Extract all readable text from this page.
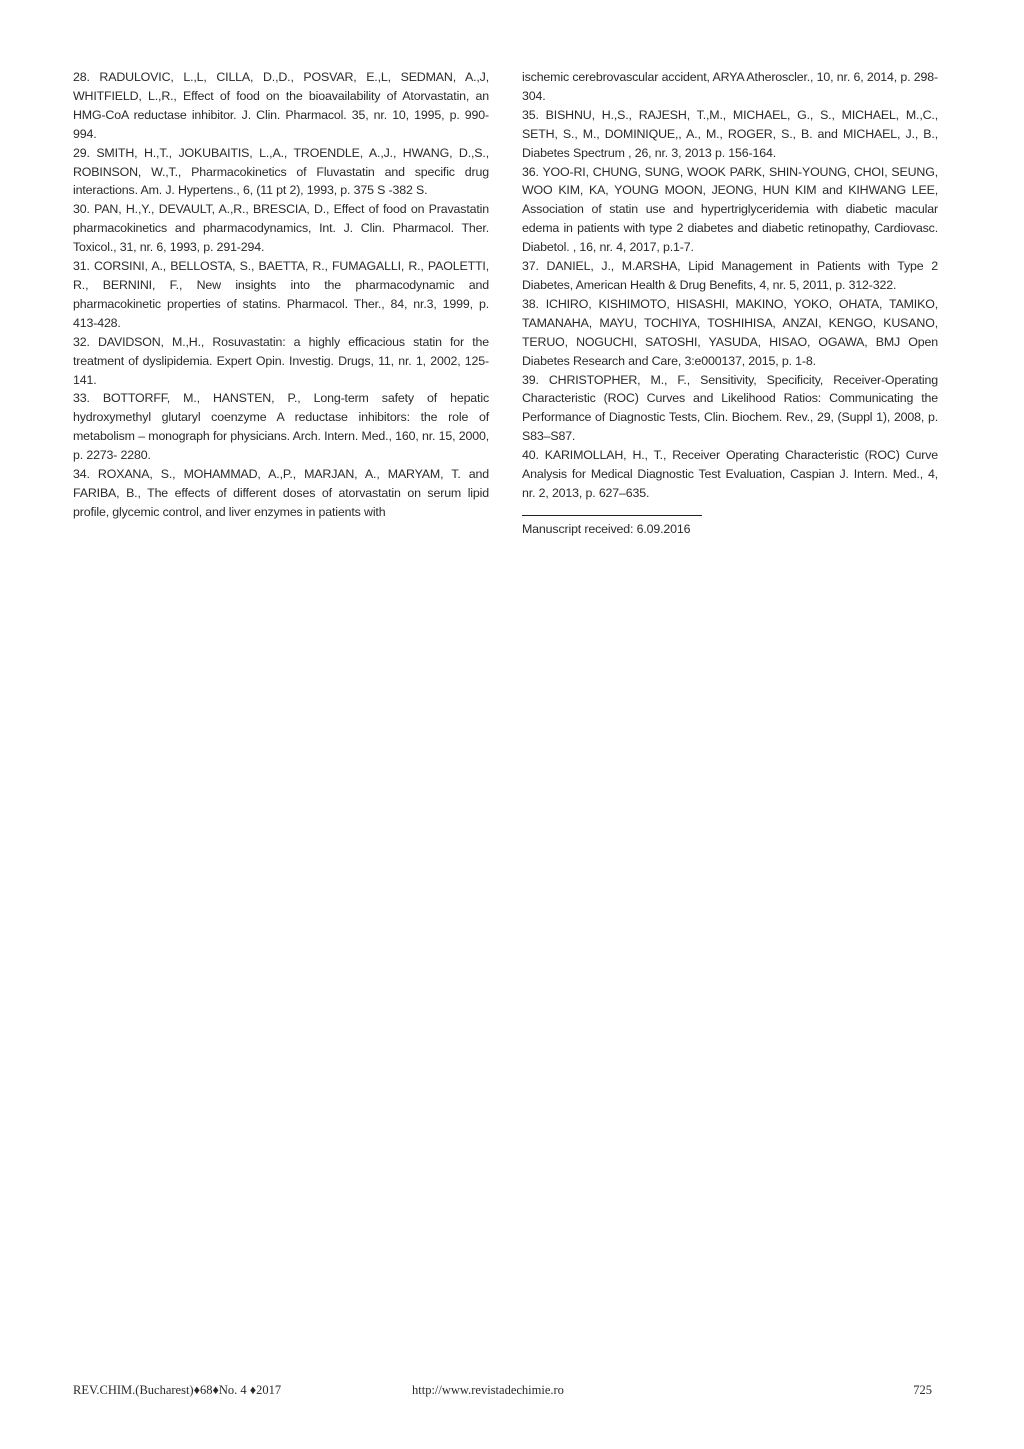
28. RADULOVIC, L.,L, CILLA, D.,D., POSVAR, E.,L, SEDMAN, A.,J, WHITFIELD, L.,R., Effect of food on the bioavailability of Atorvastatin, an HMG-CoA reductase inhibitor. J. Clin. Pharmacol. 35, nr. 10, 1995, p. 990-994.

29. SMITH, H.,T., JOKUBAITIS, L.,A., TROENDLE, A.,J., HWANG, D.,S., ROBINSON, W.,T., Pharmacokinetics of Fluvastatin and specific drug interactions. Am. J. Hypertens., 6, (11 pt 2), 1993, p. 375 S -382 S.

30. PAN, H.,Y., DEVAULT, A.,R., BRESCIA, D., Effect of food on Pravastatin pharmacokinetics and pharmacodynamics, Int. J. Clin. Pharmacol. Ther. Toxicol., 31, nr. 6, 1993, p. 291-294.

31. CORSINI, A., BELLOSTA, S., BAETTA, R., FUMAGALLI, R., PAOLETTI, R., BERNINI, F., New insights into the pharmacodynamic and pharmacokinetic properties of statins. Pharmacol. Ther., 84, nr.3, 1999, p. 413-428.

32. DAVIDSON, M.,H., Rosuvastatin: a highly efficacious statin for the treatment of dyslipidemia. Expert Opin. Investig. Drugs, 11, nr. 1, 2002, 125-141.

33. BOTTORFF, M., HANSTEN, P., Long-term safety of hepatic hydroxymethyl glutaryl coenzyme A reductase inhibitors: the role of metabolism – monograph for physicians. Arch. Intern. Med., 160, nr. 15, 2000, p. 2273- 2280.

34. ROXANA, S., MOHAMMAD, A.,P., MARJAN, A., MARYAM, T. and FARIBA, B., The effects of different doses of atorvastatin on serum lipid profile, glycemic control, and liver enzymes in patients with

ischemic cerebrovascular accident, ARYA Atheroscler., 10, nr. 6, 2014, p. 298-304.

35. BISHNU, H.,S., RAJESH, T.,M., MICHAEL, G., S., MICHAEL, M.,C., SETH, S., M., DOMINIQUE,, A., M., ROGER, S., B. and MICHAEL, J., B., Diabetes Spectrum , 26, nr. 3, 2013 p. 156-164.

36. YOO-RI, CHUNG, SUNG, WOOK PARK, SHIN-YOUNG, CHOI, SEUNG, WOO KIM, KA, YOUNG MOON, JEONG, HUN KIM and KIHWANG LEE, Association of statin use and hypertriglyceridemia with diabetic macular edema in patients with type 2 diabetes and diabetic retinopathy, Cardiovasc. Diabetol. , 16, nr. 4, 2017, p.1-7.

37. DANIEL, J., M.ARSHA, Lipid Management in Patients with Type 2 Diabetes, American Health & Drug Benefits, 4, nr. 5, 2011, p. 312-322.

38. ICHIRO, KISHIMOTO, HISASHI, MAKINO, YOKO, OHATA, TAMIKO, TAMANAHA, MAYU, TOCHIYA, TOSHIHISA, ANZAI, KENGO, KUSANO, TERUO, NOGUCHI, SATOSHI, YASUDA, HISAO, OGAWA, BMJ Open Diabetes Research and Care, 3:e000137, 2015, p. 1-8.

39. CHRISTOPHER, M., F., Sensitivity, Specificity, Receiver-Operating Characteristic (ROC) Curves and Likelihood Ratios: Communicating the Performance of Diagnostic Tests, Clin. Biochem. Rev., 29, (Suppl 1), 2008, p. S83–S87.

40. KARIMOLLAH, H., T., Receiver Operating Characteristic (ROC) Curve Analysis for Medical Diagnostic Test Evaluation, Caspian J. Intern. Med., 4, nr. 2, 2013, p. 627–635.

Manuscript received: 6.09.2016
REV.CHIM.(Bucharest)♦68♦No. 4 ♦2017	http://www.revistadechimie.ro	725
